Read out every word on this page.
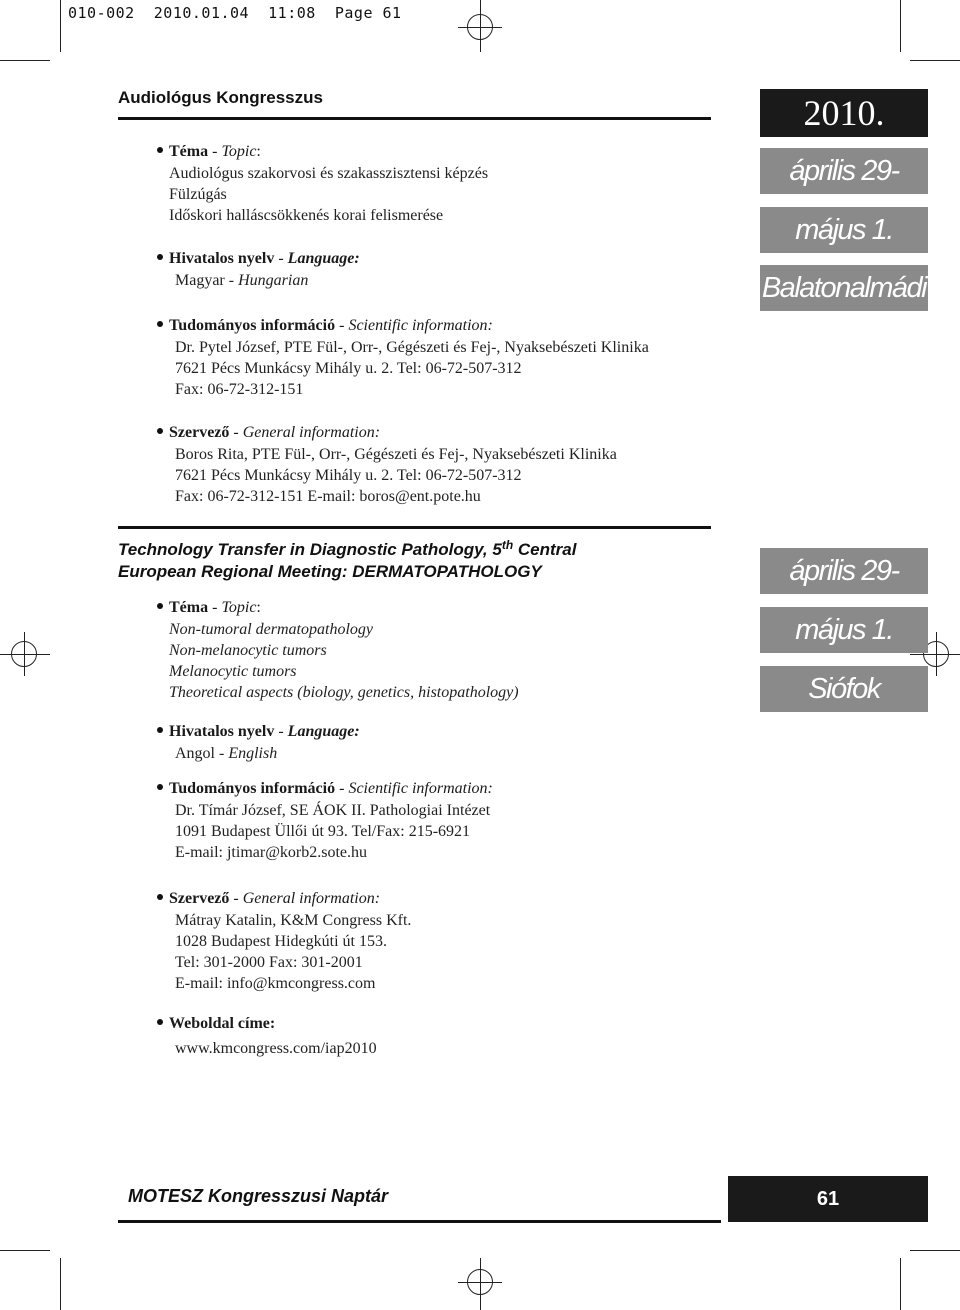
010-002  2010.01.04  11:08  Page 61
Audiológus Kongresszus	2010.
április 29-
május 1.
Balatonalmádi
Téma - Topic:
Audiológus szakorvosi és szakasszisztensi képzés
Fülzúgás
Időskori halláscsökkenés korai felismerése
Hivatalos nyelv - Language:
Magyar - Hungarian
Tudományos információ - Scientific information:
Dr. Pytel József, PTE Fül-, Orr-, Gégészeti és Fej-, Nyaksebészeti Klinika
7621 Pécs Munkácsy Mihály u. 2. Tel: 06-72-507-312
Fax: 06-72-312-151
Szervező - General information:
Boros Rita, PTE Fül-, Orr-, Gégészeti és Fej-, Nyaksebészeti Klinika
7621 Pécs Munkácsy Mihály u. 2. Tel: 06-72-507-312
Fax: 06-72-312-151 E-mail: boros@ent.pote.hu
Technology Transfer in Diagnostic Pathology, 5th Central
European Regional Meeting: DERMATOPATHOLOGY	április 29-
május 1.
Siófok
Téma - Topic:
Non-tumoral dermatopathology
Non-melanocytic tumors
Melanocytic tumors
Theoretical aspects (biology, genetics, histopathology)
Hivatalos nyelv - Language:
Angol - English
Tudományos információ - Scientific information:
Dr. Tímár József, SE ÁOK II. Pathologiai Intézet
1091 Budapest Üllői út 93. Tel/Fax: 215-6921
E-mail: jtimar@korb2.sote.hu
Szervező - General information:
Mátray Katalin, K&M Congress Kft.
1028 Budapest Hidegkúti út 153.
Tel: 301-2000 Fax: 301-2001
E-mail: info@kmcongress.com
Weboldal címe:
www.kmcongress.com/iap2010
MOTESZ Kongresszusi Naptár	61
